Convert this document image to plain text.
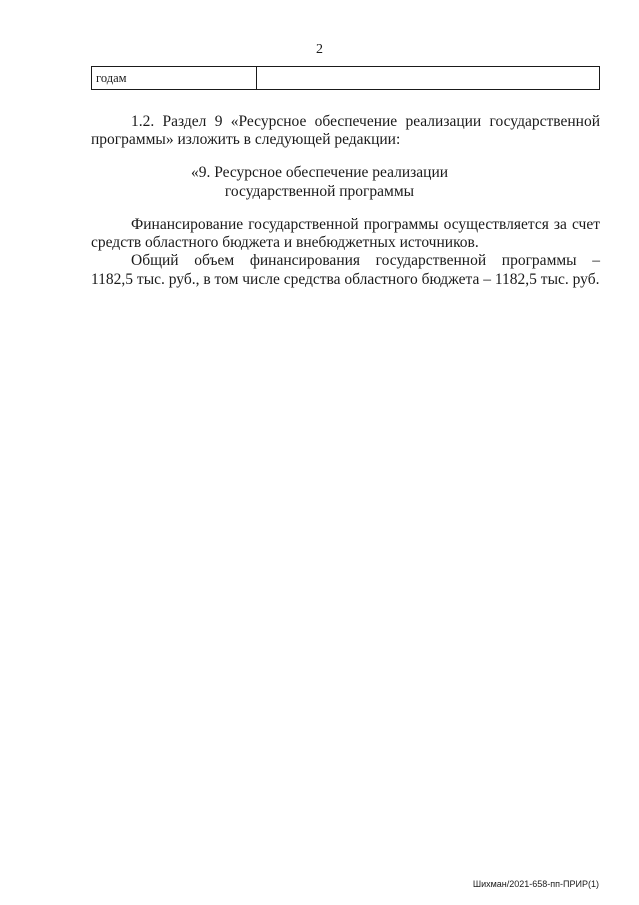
2
годам	
1.2. Раздел 9 «Ресурсное обеспечение реализации государственной
программы» изложить в следующей редакции:
«9. Ресурсное обеспечение реализации
государственной программы
Финансирование государственной программы осуществляется за счет
средств областного бюджета и внебюджетных источников.
Общий объем финансирования государственной программы –
1182,5 тыс. руб., в том числе средства областного бюджета – 1182,5 тыс. руб.
Шихман/2021-658-пп-ПРИР(1)
